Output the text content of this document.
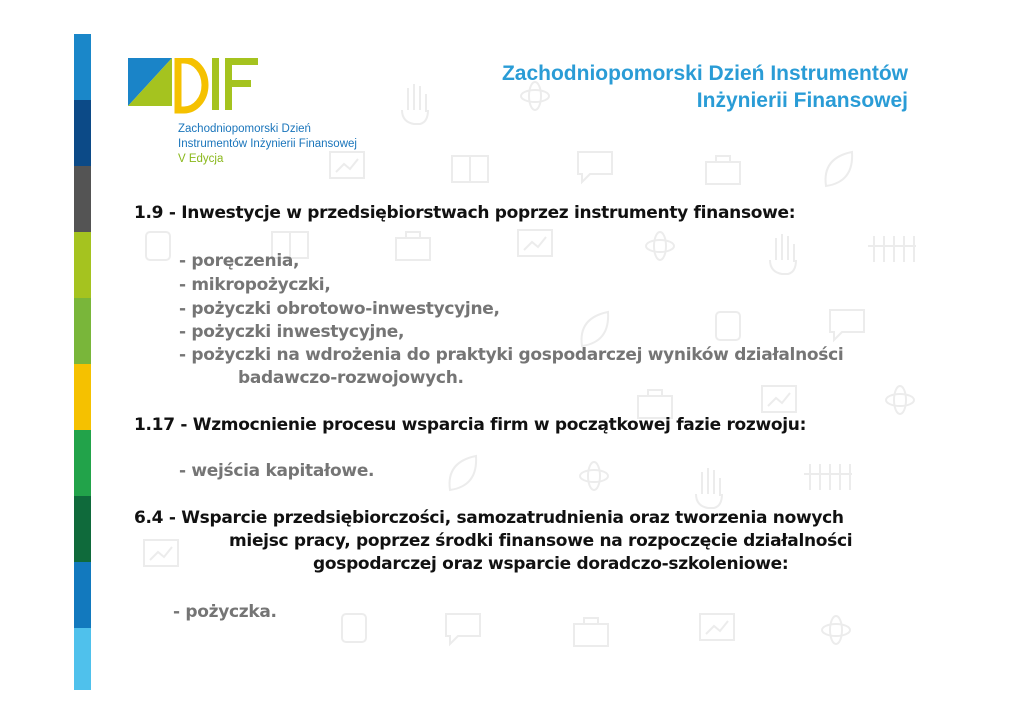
Zachodniopomorski Dzień
Instrumentów Inżynierii Finansowej
V Edycja
Zachodniopomorski Dzień Instrumentów
Inżynierii Finansowej
1.9 - Inwestycje w przedsiębiorstwach poprzez instrumenty finansowe:
- poręczenia,
- mikropożyczki,
- pożyczki obrotowo-inwestycyjne,
- pożyczki inwestycyjne,
- pożyczki na wdrożenia do praktyki gospodarczej wyników działalności
badawczo-rozwojowych.
1.17 - Wzmocnienie procesu wsparcia firm w początkowej fazie rozwoju:
- wejścia kapitałowe.
6.4 - Wsparcie przedsiębiorczości, samozatrudnienia oraz tworzenia nowych
miejsc pracy, poprzez środki finansowe na rozpoczęcie działalności
gospodarczej oraz wsparcie doradczo-szkoleniowe:
- pożyczka.
